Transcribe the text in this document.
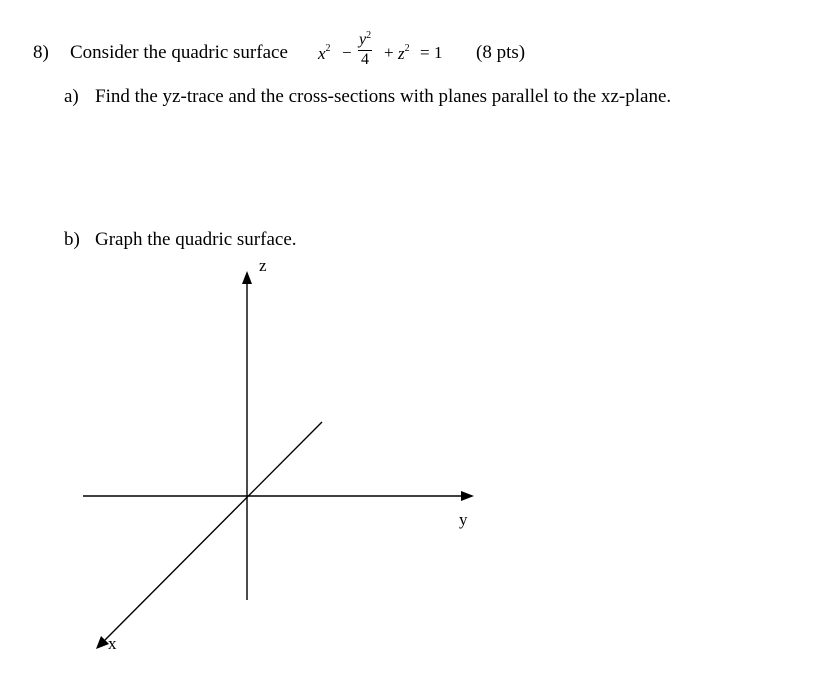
8) Consider the quadric surface $x^2 - \frac{y^2}{4} + z^2 = 1$ (8 pts)
a) Find the yz-trace and the cross-sections with planes parallel to the xz-plane.
b) Graph the quadric surface.
z
y
x
